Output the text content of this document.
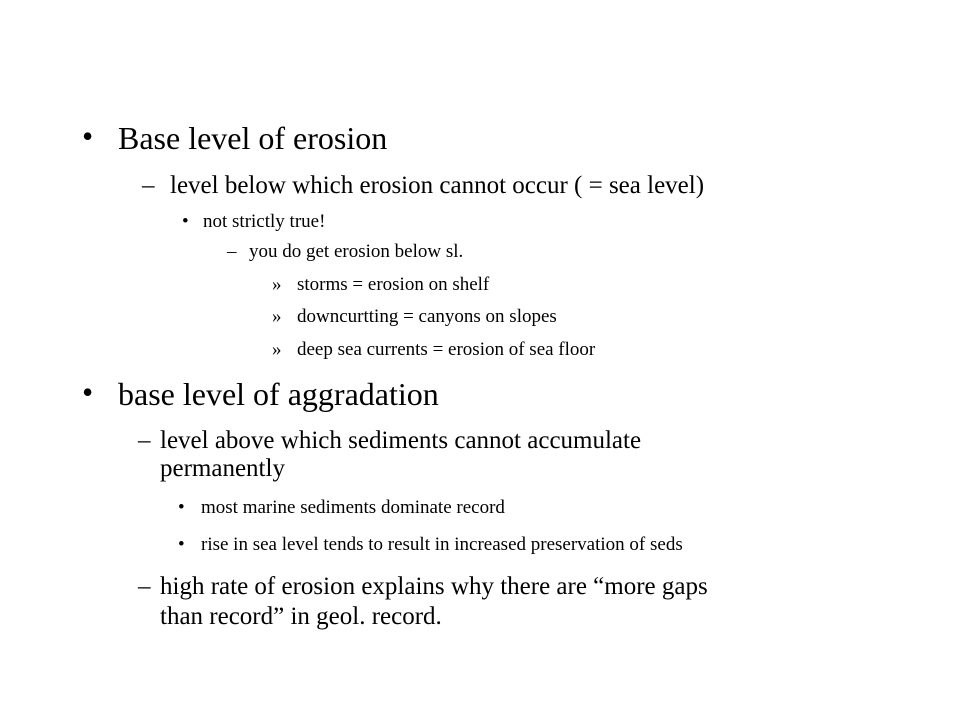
• Base level of erosion
– level below which erosion cannot occur ( = sea level)
• not strictly true!
– you do get erosion below sl.
» storms = erosion on shelf
» downcurtting = canyons on slopes
» deep sea currents = erosion of sea floor
• base level of aggradation
– level above which sediments cannot accumulate
permanently
• most marine sediments dominate record
• rise in sea level tends to result in increased preservation of seds
– high rate of erosion explains why there are “more gaps
than record” in geol. record.
